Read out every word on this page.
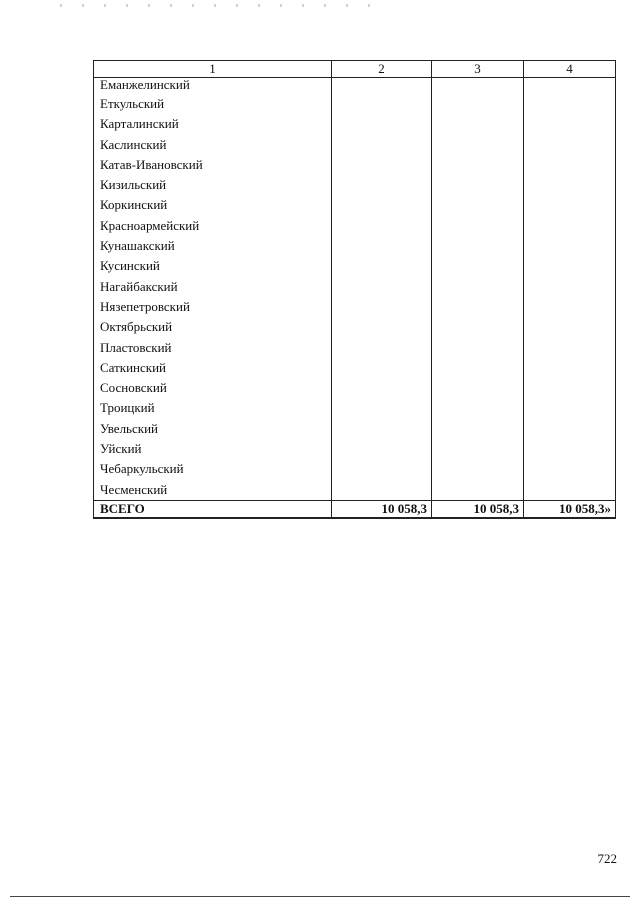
1	2	3	4
Еманжелинский			
Еткульский			
Карталинский			
Каслинский			
Катав-Ивановский			
Кизильский			
Коркинский			
Красноармейский			
Кунашакский			
Кусинский			
Нагайбакский			
Нязепетровский			
Октябрьский			
Пластовский			
Саткинский			
Сосновский			
Троицкий			
Увельский			
Уйский			
Чебаркульский			
Чесменский			
ВСЕГО	10 058,3	10 058,3	10 058,3»
722
